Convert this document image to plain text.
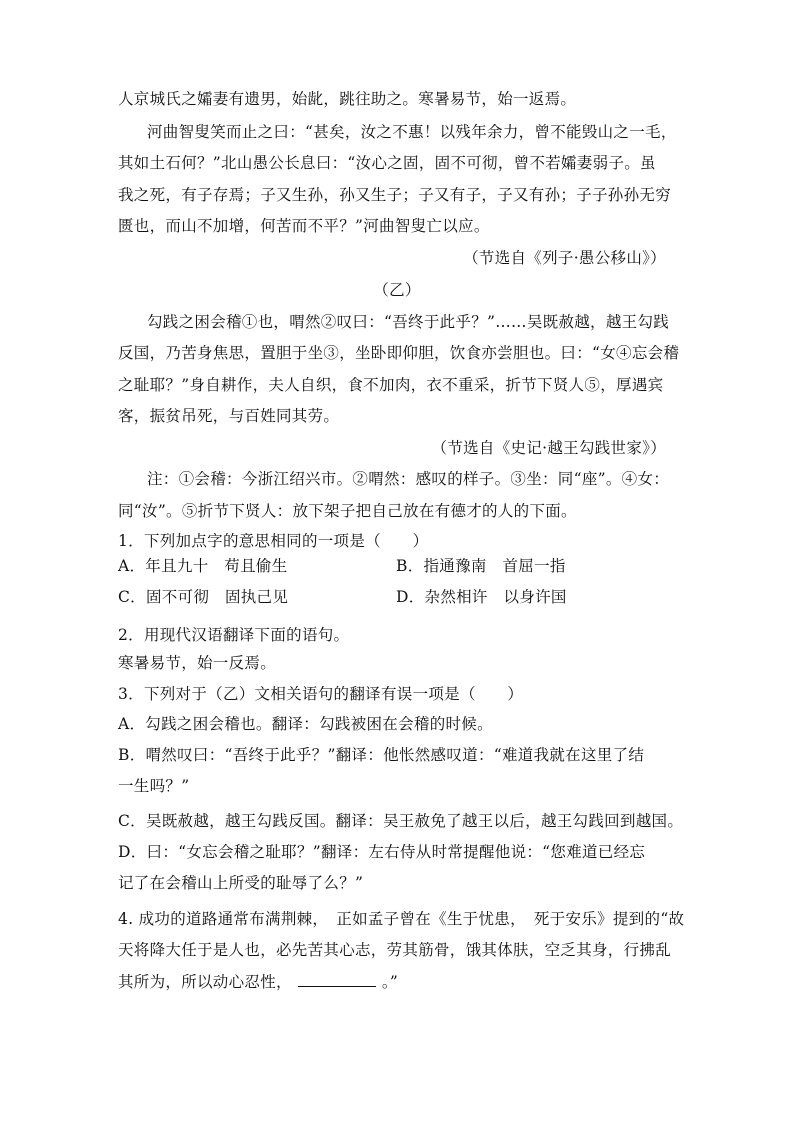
人京城氏之孀妻有遗男，始龀，跳往助之。寒暑易节，始一返焉。
河曲智叟笑而止之曰：“甚矣，汝之不惠！以残年余力，曾不能毁山之一毛，
其如土石何？”北山愚公长息曰：“汝心之固，固不可彻，曾不若孀妻弱子。虽
我之死，有子存焉；子又生孙，孙又生子；子又有子，子又有孙；子子孙孙无穷
匮也，而山不加增，何苦而不平？”河曲智叟亡以应。
（节选自《列子·愚公移山》）
（乙）
勾践之困会稽①也，喟然②叹曰：“吾终于此乎？”……吴既赦越，越王勾践
反国，乃苦身焦思，置胆于坐③，坐卧即仰胆，饮食亦尝胆也。曰：“女④忘会稽
之耻耶？”身自耕作，夫人自织，食不加肉，衣不重采，折节下贤人⑤，厚遇宾
客，振贫吊死，与百姓同其劳。
（节选自《史记·越王勾践世家》）
注：①会稽：今浙江绍兴市。②喟然：感叹的样子。③坐：同“座”。④女：
同“汝”。⑤折节下贤人：放下架子把自己放在有德才的人的下面。
1．下列加点字的意思相同的一项是（　　）
A．年且九十　苟且偷生	B．指通豫南　首屈一指
C．固不可彻　固执己见	D．杂然相许　以身许国
2．用现代汉语翻译下面的语句。
寒暑易节，始一反焉。
3．下列对于（乙）文相关语句的翻译有误一项是（　　）
A．勾践之困会稽也。翻译：勾践被困在会稽的时候。
B．喟然叹曰：“吾终于此乎？”翻译：他怅然感叹道：“难道我就在这里了结
一生吗？”
C．吴既赦越，越王勾践反国。翻译：吴王赦免了越王以后，越王勾践回到越国。
D．曰：“女忘会稽之耻耶？”翻译：左右侍从时常提醒他说：“您难道已经忘
记了在会稽山上所受的耻辱了么？”
4. 成功的道路通常布满荆棘，　正如孟子曾在《生于忧患，　死于安乐》提到的“故
天将降大任于是人也，必先苦其心志，劳其筋骨，饿其体肤，空乏其身，行拂乱
其所为，所以动心忍性，	。”
